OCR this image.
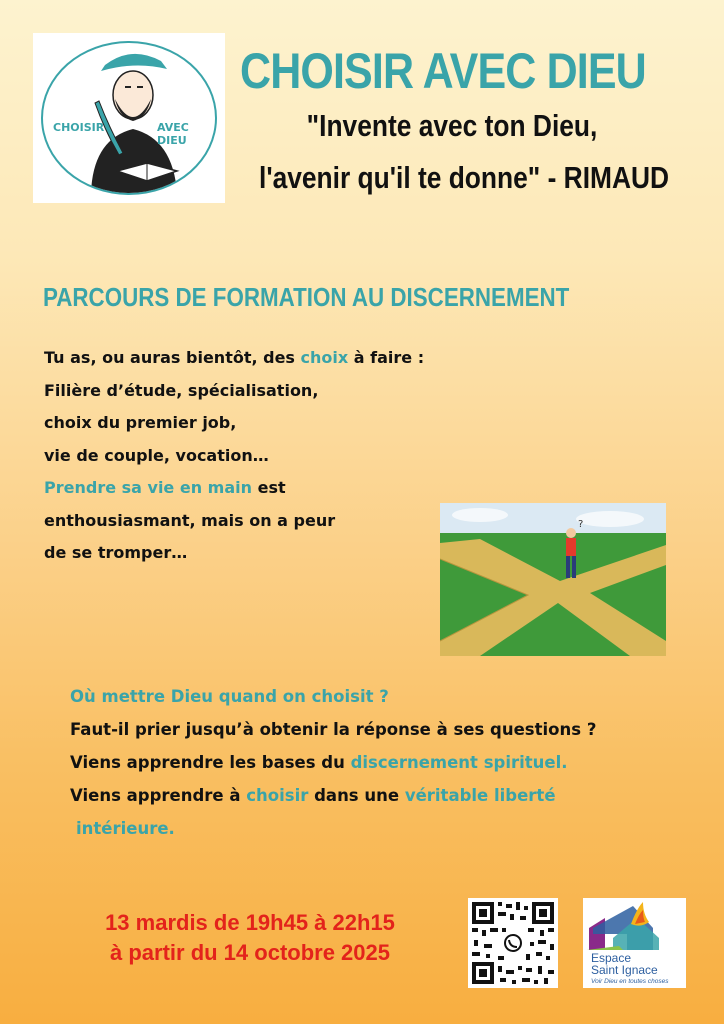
CHOISIR	AVEC DIEU
CHOISIR AVEC DIEU
"Invente avec ton Dieu,
l'avenir qu'il te donne" - RIMAUD
PARCOURS DE FORMATION AU DISCERNEMENT
Tu as, ou auras bientôt, des choix à faire :
Filière d’étude, spécialisation,
choix du premier job,
vie de couple, vocation…
Prendre sa vie en main est
enthousiasmant, mais on a peur
de se tromper…
?
Où mettre Dieu quand on choisit ?
Faut-il prier jusqu’à obtenir la réponse à ses questions ?
Viens apprendre les bases du discernement spirituel.
Viens apprendre à choisir dans une véritable liberté
intérieure.
13 mardis de 19h45 à 22h15
à partir du 14 octobre 2025	Espace
Saint Ignace
Voir Dieu en toutes choses
